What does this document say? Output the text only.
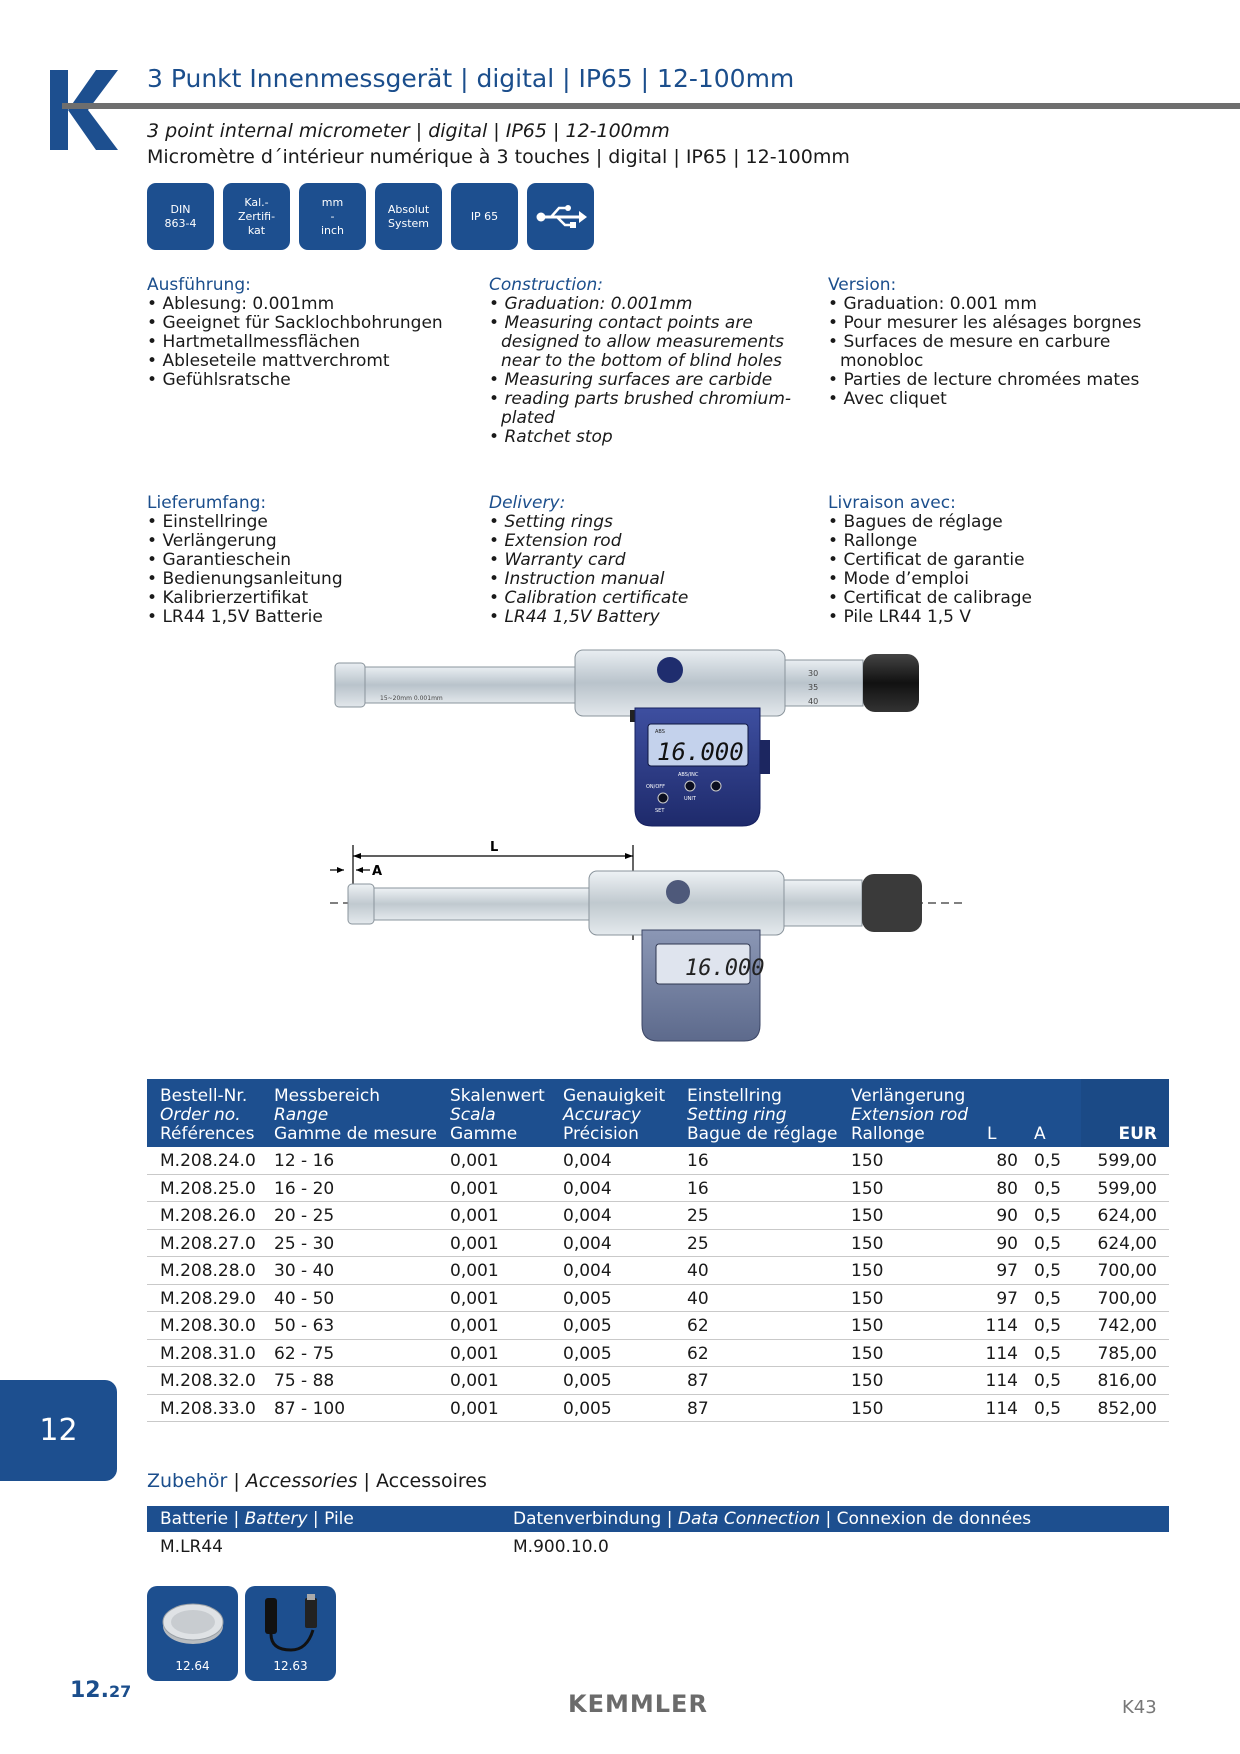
3 Punkt Innenmessgerät | digital | IP65 | 12-100mm
3 point internal micrometer | digital | IP65 | 12-100mm
Micromètre d´intérieur numérique à 3 touches | digital | IP65 | 12-100mm
DIN
863-4
Kal.-
Zertifi-
kat
mm
-
inch
Absolut
System
IP 65
Ausführung:
• Ablesung: 0.001mm
• Geeignet für Sacklochbohrungen
• Hartmetallmessflächen
• Ableseteile mattverchromt
• Gefühlsratsche
Construction:
• Graduation: 0.001mm
• Measuring contact points are designed to allow measurements near to the bottom of blind holes
• Measuring surfaces are carbide
• reading parts brushed chromium-plated
• Ratchet stop
Version:
• Graduation: 0.001 mm
• Pour mesurer les alésages borgnes
• Surfaces de mesure en carbure monobloc
• Parties de lecture chromées mates
• Avec cliquet
Lieferumfang:
• Einstellringe
• Verlängerung
• Garantieschein
• Bedienungsanleitung
• Kalibrierzertifikat
• LR44 1,5V Batterie
Delivery:
• Setting rings
• Extension rod
• Warranty card
• Instruction manual
• Calibration certificate
• LR44 1,5V Battery
Livraison avec:
• Bagues de réglage
• Rallonge
• Certificat de garantie
• Mode d’emploi
• Certificat de calibrage
• Pile LR44 1,5 V
15~20mm 0.001mm
ABS
16.000
ON/OFF
SET
ABS/INC
UNIT
30
35
40
L
A
16.000
Bestell-Nr.
Order no.
Références
Messbereich
Range
Gamme de mesure
Skalenwert
Scala
Gamme
Genauigkeit
Accuracy
Précision
Einstellring
Setting ring
Bague de réglage
Verlängerung
Extension rod
Rallonge	L A	EUR
M.208.24.0 12 - 16	0,001	0,004	16	150	80 0,5 599,00
M.208.25.0 16 - 20	0,001	0,004	16	150	80 0,5 599,00
M.208.26.0 20 - 25	0,001	0,004	25	150	90 0,5 624,00
M.208.27.0 25 - 30	0,001	0,004	25	150	90 0,5 624,00
M.208.28.0 30 - 40	0,001	0,004	40	150	97 0,5 700,00
M.208.29.0 40 - 50	0,001	0,005	40	150	97 0,5 700,00
M.208.30.0 50 - 63	0,001	0,005	62	150	114 0,5 742,00
M.208.31.0 62 - 75	0,001	0,005	62	150	114 0,5 785,00
M.208.32.0 75 - 88	0,001	0,005	87	150	114 0,5 816,00
M.208.33.0 87 - 100	0,001	0,005	87	150	114 0,5 852,00
12
Zubehör | Accessories | Accessoires
Batterie | Battery | Pile	Datenverbindung | Data Connection | Connexion de données
M.LR44	M.900.10.0
12.64	12.63
12.27	KEMMLER	K43
